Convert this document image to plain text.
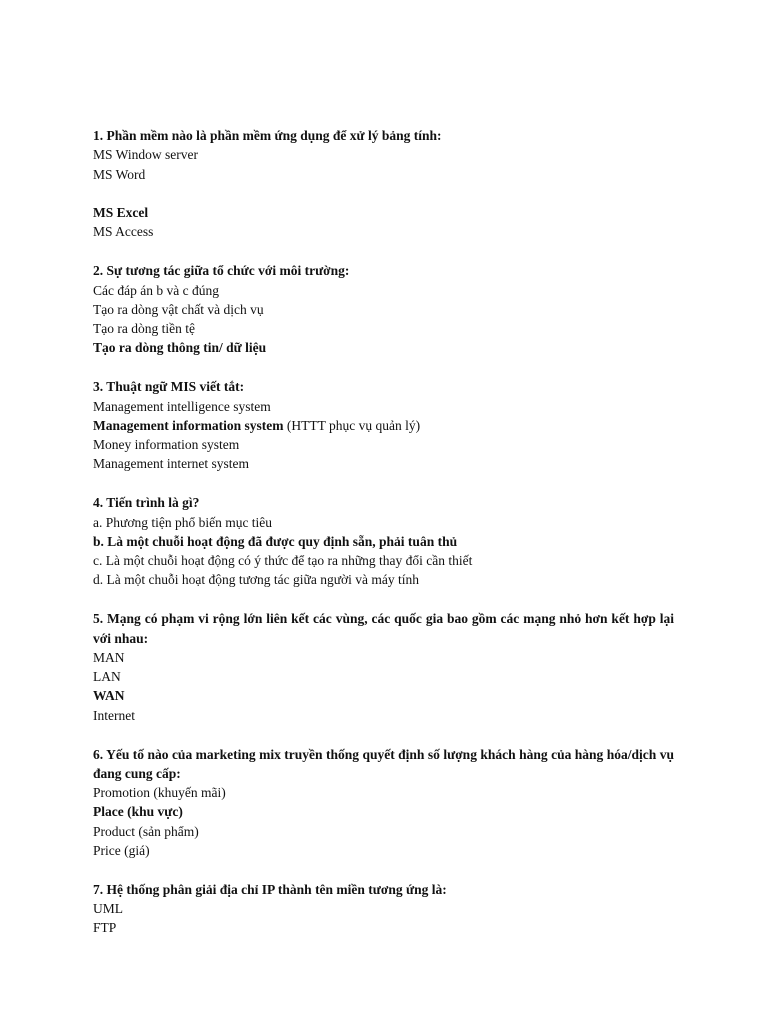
1. Phần mềm nào là phần mềm ứng dụng để xử lý bảng tính:
MS Window server
MS Word
MS Excel
MS Access
2. Sự tương tác giữa tổ chức với môi trường:
Các đáp án b và c đúng
Tạo ra dòng vật chất và dịch vụ
Tạo ra dòng tiền tệ
Tạo ra dòng thông tin/ dữ liệu
3. Thuật ngữ MIS viết tắt:
Management intelligence system
Management information system (HTTT phục vụ quản lý)
Money information system
Management internet system
4. Tiến trình là gì?
a. Phương tiện phổ biến mục tiêu
b. Là một chuỗi hoạt động đã được quy định sẵn, phải tuân thủ
c. Là một chuỗi hoạt động có ý thức để tạo ra những thay đổi cần thiết
d. Là một chuỗi hoạt động tương tác giữa người và máy tính
5. Mạng có phạm vi rộng lớn liên kết các vùng, các quốc gia bao gồm các mạng nhỏ hơn kết hợp lại với nhau:
MAN
LAN
WAN
Internet
6. Yếu tố nào của marketing mix truyền thống quyết định số lượng khách hàng của hàng hóa/dịch vụ đang cung cấp:
Promotion (khuyến mãi)
Place (khu vực)
Product (sản phẩm)
Price (giá)
7. Hệ thống phân giải địa chỉ IP thành tên miền tương ứng là:
UML
FTP
